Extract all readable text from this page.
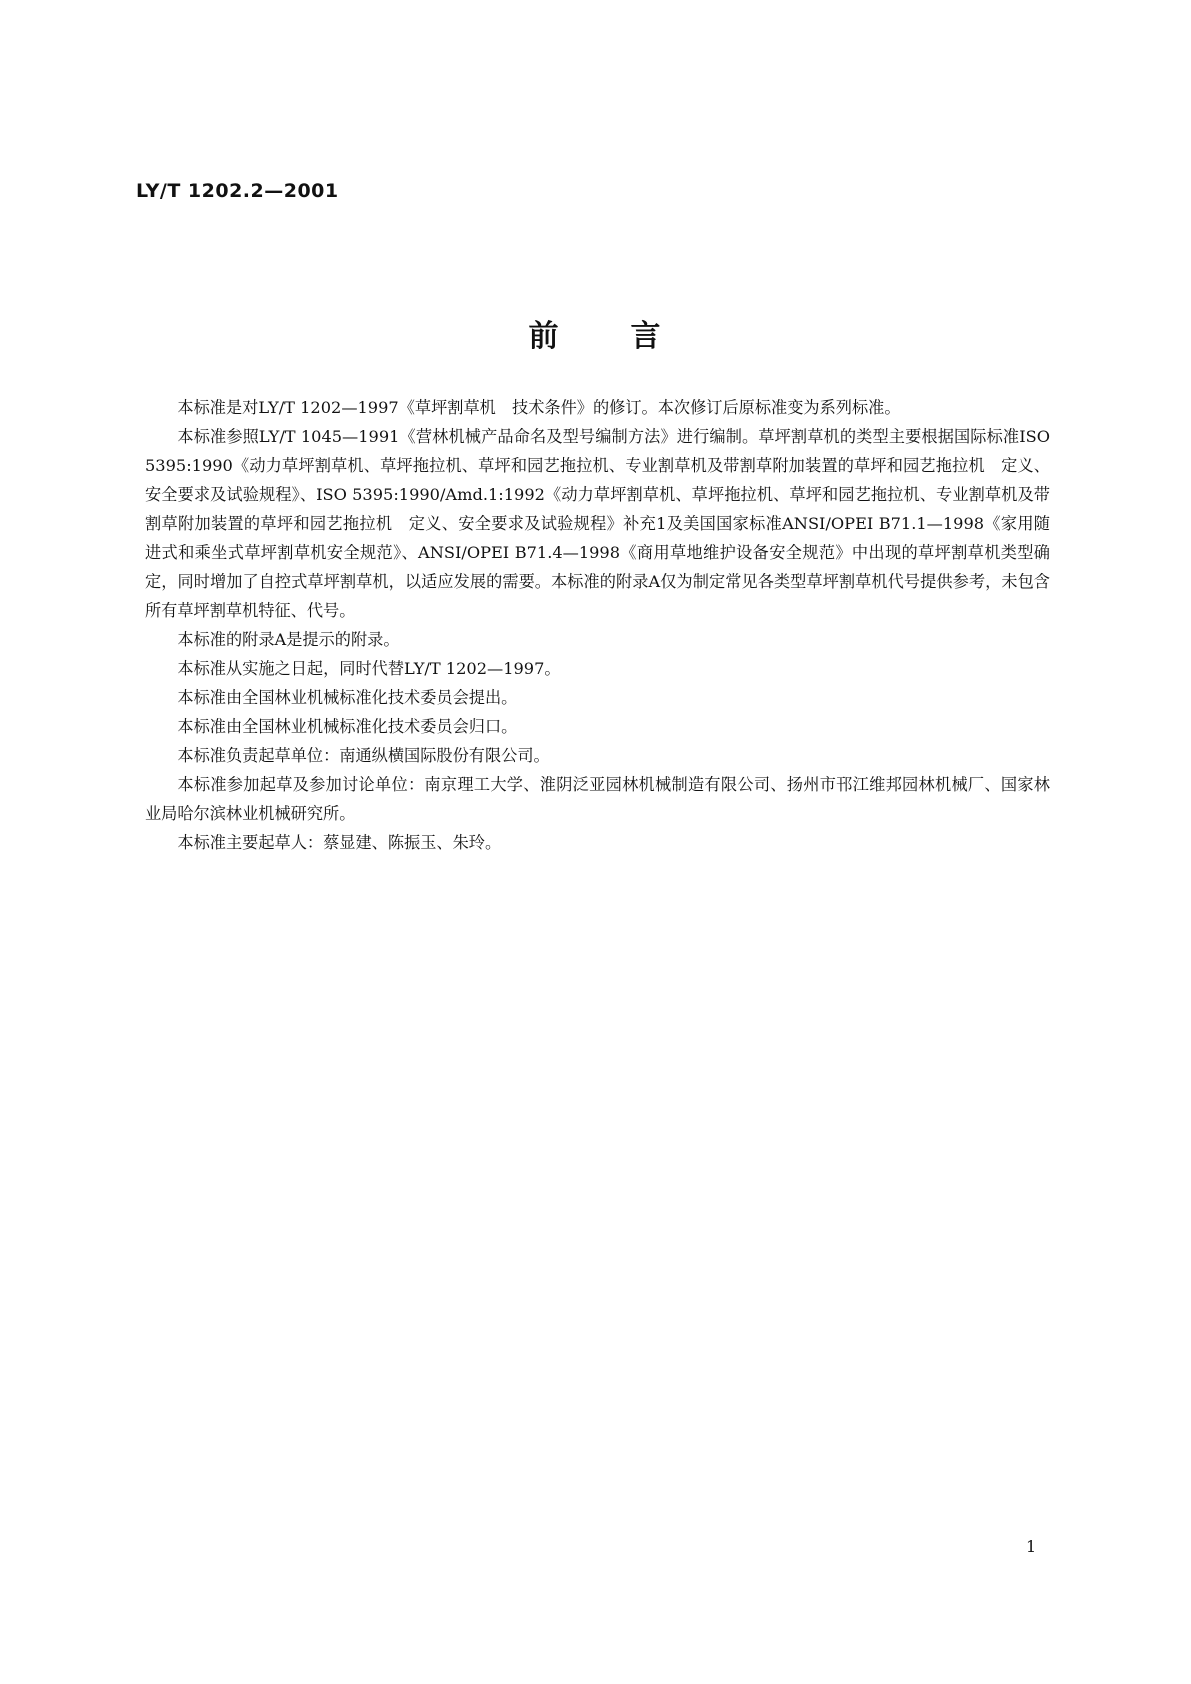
LY/T 1202.2—2001
前 言

本标准是对LY/T 1202—1997《草坪割草机　技术条件》的修订。本次修订后原标准变为系列标准。

本标准参照LY/T 1045—1991《营林机械产品命名及型号编制方法》进行编制。草坪割草机的类型主要根据国际标准ISO 5395:1990《动力草坪割草机、草坪拖拉机、草坪和园艺拖拉机、专业割草机及带割草附加装置的草坪和园艺拖拉机　定义、安全要求及试验规程》、ISO 5395:1990/Amd.1:1992《动力草坪割草机、草坪拖拉机、草坪和园艺拖拉机、专业割草机及带割草附加装置的草坪和园艺拖拉机　定义、安全要求及试验规程》补充1及美国国家标准ANSI/OPEI B71.1—1998《家用随进式和乘坐式草坪割草机安全规范》、ANSI/OPEI B71.4—1998《商用草地维护设备安全规范》中出现的草坪割草机类型确定，同时增加了自控式草坪割草机，以适应发展的需要。本标准的附录A仅为制定常见各类型草坪割草机代号提供参考，未包含所有草坪割草机特征、代号。

本标准的附录A是提示的附录。

本标准从实施之日起，同时代替LY/T 1202—1997。

本标准由全国林业机械标准化技术委员会提出。

本标准由全国林业机械标准化技术委员会归口。

本标准负责起草单位：南通纵横国际股份有限公司。

本标准参加起草及参加讨论单位：南京理工大学、淮阴泛亚园林机械制造有限公司、扬州市邗江维邦园林机械厂、国家林业局哈尔滨林业机械研究所。

本标准主要起草人：蔡显建、陈振玉、朱玲。

1
